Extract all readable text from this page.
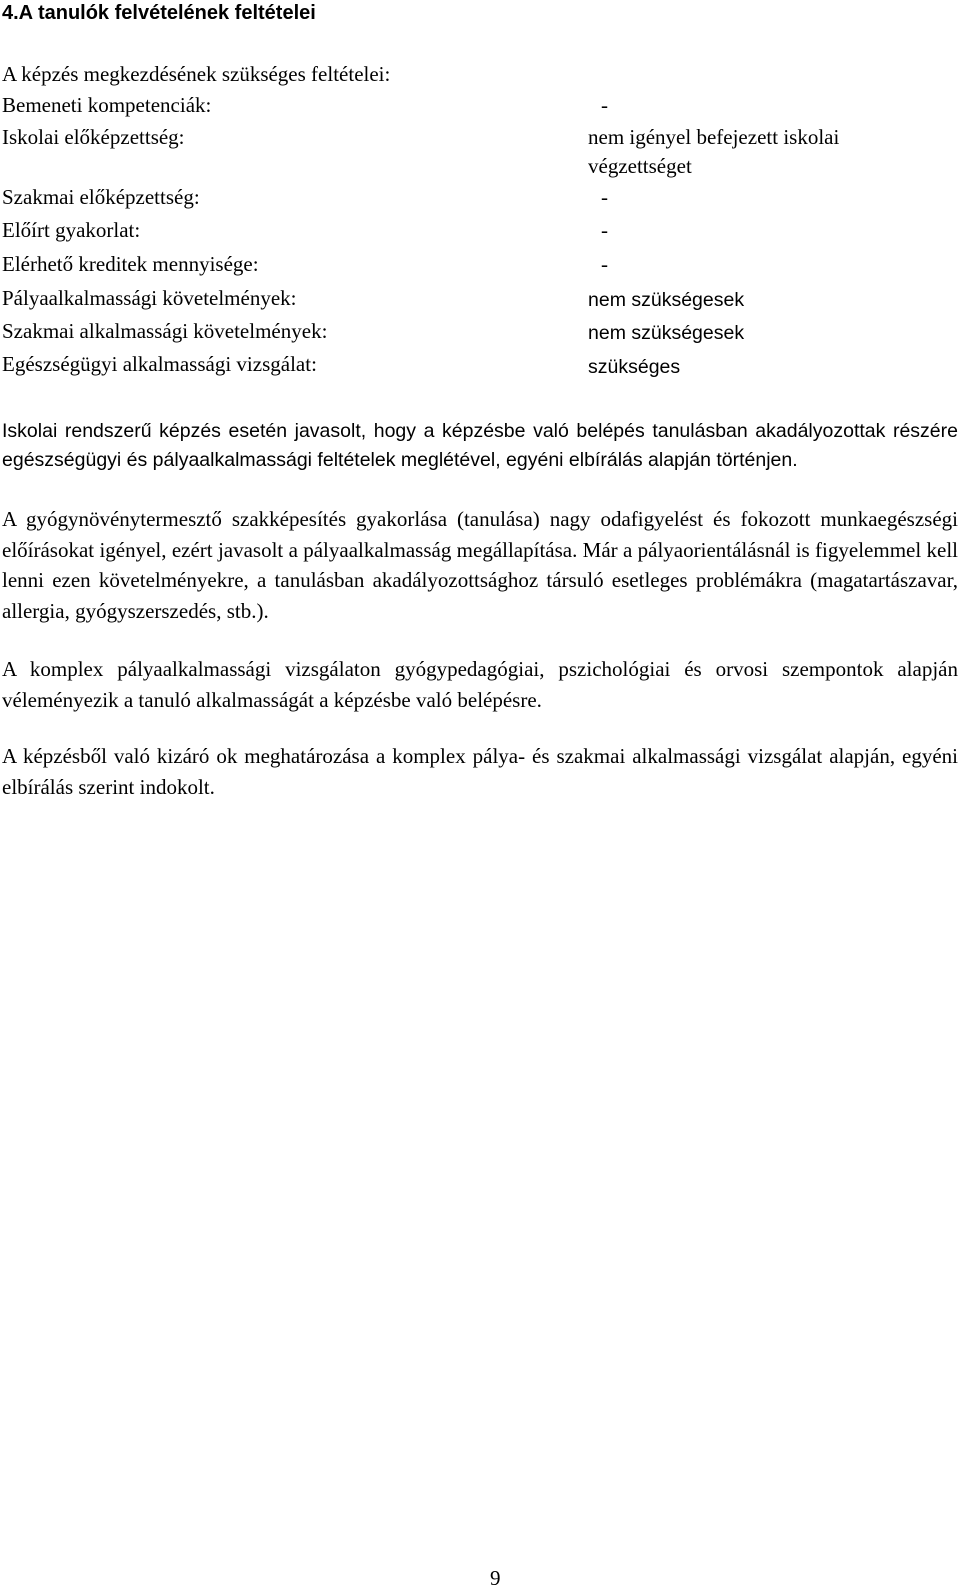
4.A tanulók felvételének feltételei
A képzés megkezdésének szükséges feltételei:
Bemeneti kompetenciák:	-
Iskolai előképzettség:	nem igényel befejezett iskolai
végzettséget
Szakmai előképzettség:	-
Előírt gyakorlat:	-
Elérhető kreditek mennyisége:	-
Pályaalkalmassági követelmények:	nem szükségesek
Szakmai alkalmassági követelmények:	nem szükségesek
Egészségügyi alkalmassági vizsgálat:	szükséges
Iskolai rendszerű képzés esetén javasolt, hogy a képzésbe való belépés tanulásban akadályozottak részére egészségügyi és pályaalkalmassági feltételek meglétével, egyéni elbírálás alapján történjen.
A gyógynövénytermesztő szakképesítés gyakorlása (tanulása) nagy odafigyelést és fokozott munkaegészségi előírásokat igényel, ezért javasolt a pályaalkalmasság megállapítása. Már a pályaorientálásnál is figyelemmel kell lenni ezen követelményekre, a tanulásban akadályozottsághoz társuló esetleges problémákra (magatartászavar, allergia, gyógyszerszedés, stb.).
A komplex pályaalkalmassági vizsgálaton gyógypedagógiai, pszichológiai és orvosi szempontok alapján véleményezik a tanuló alkalmasságát a képzésbe való belépésre.
A képzésből való kizáró ok meghatározása a komplex pálya- és szakmai alkalmassági vizsgálat alapján, egyéni elbírálás szerint indokolt.
9
